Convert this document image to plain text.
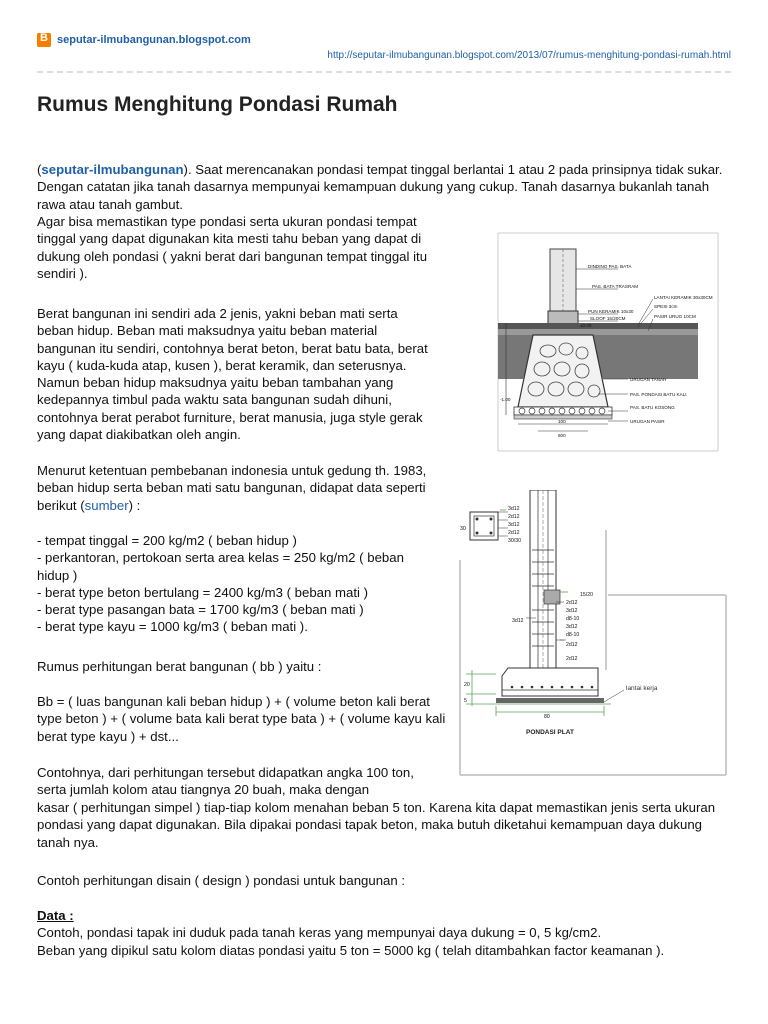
B
seputar-ilmubangunan.blogspot.com
http://seputar-ilmubangunan.blogspot.com/2013/07/rumus-menghitung-pondasi-rumah.html
Rumus Menghitung Pondasi Rumah
(seputar-ilmubangunan). Saat merencanakan pondasi tempat tinggal berlantai 1 atau 2 pada prinsipnya tidak sukar. Dengan catatan jika tanah dasarnya mempunyai kemampuan dukung yang cukup. Tanah dasarnya bukanlah tanah rawa atau tanah gambut.
Agar bisa memastikan type pondasi serta ukuran pondasi tempat tinggal yang dapat digunakan kita mesti tahu beban yang dapat di dukung oleh pondasi ( yakni berat dari bangunan tempat tinggal itu sendiri ).
Berat bangunan ini sendiri ada 2 jenis, yakni beban mati serta beban hidup. Beban mati maksudnya yaitu beban material bangunan itu sendiri, contohnya berat beton, berat batu bata, berat kayu ( kuda-kuda atap, kusen ), berat keramik, dan seterusnya. Namun beban hidup maksudnya yaitu beban tambahan yang kedepannya timbul pada waktu sata bangunan sudah dihuni, contohnya berat perabot furniture, berat manusia, juga style gerak yang dapat diakibatkan oleh angin.
Menurut ketentuan pembebanan indonesia untuk gedung th. 1983, beban hidup serta beban mati satu bangunan, didapat data seperti berikut (sumber) :

- tempat tinggal = 200 kg/m2 ( beban hidup )

- perkantoran, pertokoan serta area kelas = 250 kg/m2 ( beban hidup )

- berat type beton bertulang = 2400 kg/m3 ( beban mati )

- berat type pasangan bata = 1700 kg/m3 ( beban mati )

- berat type kayu = 1000 kg/m3 ( beban mati ).

Rumus perhitungan berat bangunan ( bb ) yaitu :
Bb = ( luas bangunan kali beban hidup ) + ( volume beton kali berat type beton ) + ( volume bata kali berat type bata ) + ( volume kayu kali berat type kayu ) + dst...
Contohnya, dari perhitungan tersebut didapatkan angka 100 ton, serta jumlah kolom atau tiangnya 20 buah, maka dengan
kasar ( perhitungan simpel ) tiap-tiap kolom menahan beban 5 ton. Karena kita dapat memastikan jenis serta ukuran pondasi yang dapat digunakan. Bila dipakai pondasi tapak beton, maka butuh diketahui kemampuan daya dukung tanah nya.
Contoh perhitungan disain ( design ) pondasi untuk bangunan :

Data :

Contoh, pondasi tapak ini duduk pada tanah keras yang mempunyai daya dukung = 0, 5 kg/cm2.

Beban yang dipikul satu kolom diatas pondasi yaitu 5 ton = 5000 kg ( telah ditambahkan factor keamanan ).

DINDING PAS. BATA
PAS. BATA TRASRAM
LANTAI KERAMIK 30x30CM
SPESI 3cm
PUN KERAMIK 10x30
SLOOF 15/20CM	PASIR URUG 10CM
URUGAN TANAH
PAS. PONDASI BATU KALI
PAS. BATU KOSONG
URUGAN PASIR
±0.00
-1.00
100
600
3d12
2d12
3d12
2d12
30/30
15/20
2d12
3d12
d8-10
3d12
d8-10
2d12
3d12
2d12
30
20
5
80
lantai kerja
PONDASI PLAT
